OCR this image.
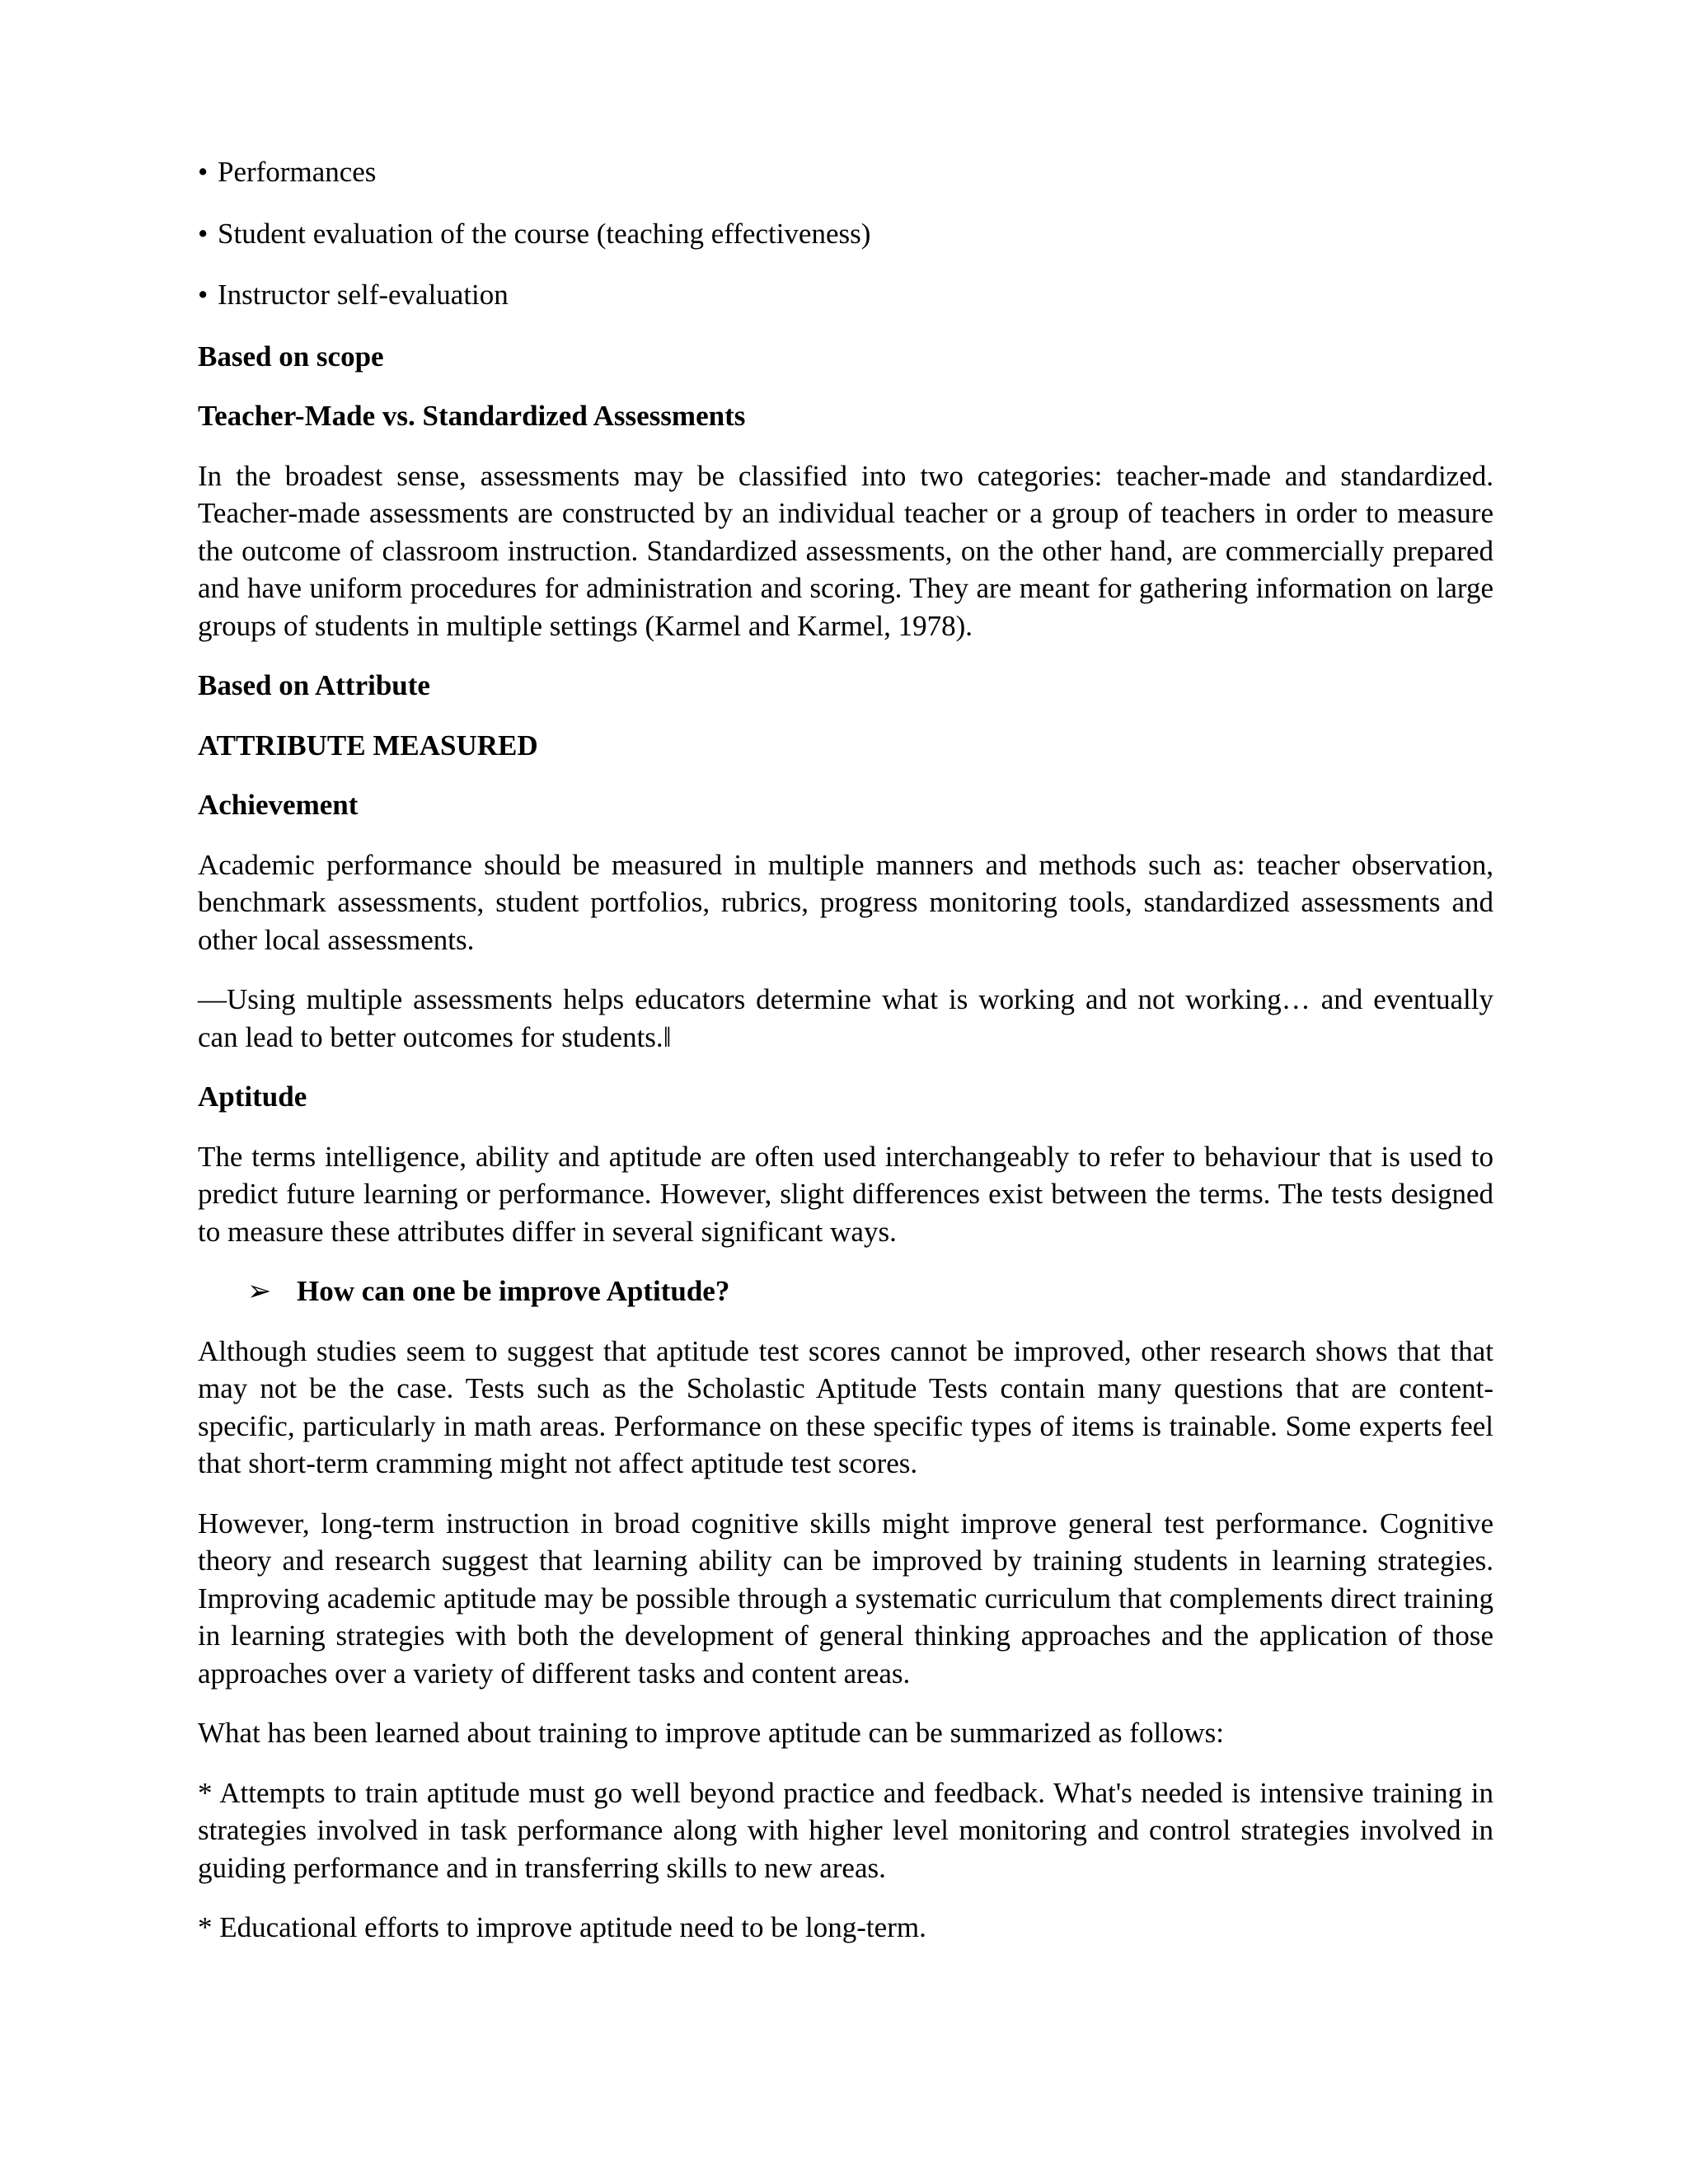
• Performances
• Student evaluation of the course (teaching effectiveness)
• Instructor self-evaluation
Based on scope
Teacher-Made vs. Standardized Assessments
In the broadest sense, assessments may be classified into two categories: teacher-made and standardized. Teacher-made assessments are constructed by an individual teacher or a group of teachers in order to measure the outcome of classroom instruction. Standardized assessments, on the other hand, are commercially prepared and have uniform procedures for administration and scoring. They are meant for gathering information on large groups of students in multiple settings (Karmel and Karmel, 1978).
Based on Attribute
ATTRIBUTE MEASURED
Achievement
Academic performance should be measured in multiple manners and methods such as: teacher observation, benchmark assessments, student portfolios, rubrics, progress monitoring tools, standardized assessments and other local assessments.
―Using multiple assessments helps educators determine what is working and not working… and eventually can lead to better outcomes for students.‖
Aptitude
The terms intelligence, ability and aptitude are often used interchangeably to refer to behaviour that is used to predict future learning or performance. However, slight differences exist between the terms. The tests designed to measure these attributes differ in several significant ways.
➢ How can one be improve Aptitude?
Although studies seem to suggest that aptitude test scores cannot be improved, other research shows that that may not be the case. Tests such as the Scholastic Aptitude Tests contain many questions that are content-specific, particularly in math areas. Performance on these specific types of items is trainable. Some experts feel that short-term cramming might not affect aptitude test scores.
However, long-term instruction in broad cognitive skills might improve general test performance. Cognitive theory and research suggest that learning ability can be improved by training students in learning strategies. Improving academic aptitude may be possible through a systematic curriculum that complements direct training in learning strategies with both the development of general thinking approaches and the application of those approaches over a variety of different tasks and content areas.
What has been learned about training to improve aptitude can be summarized as follows:
* Attempts to train aptitude must go well beyond practice and feedback. What's needed is intensive training in strategies involved in task performance along with higher level monitoring and control strategies involved in guiding performance and in transferring skills to new areas.
* Educational efforts to improve aptitude need to be long-term.
